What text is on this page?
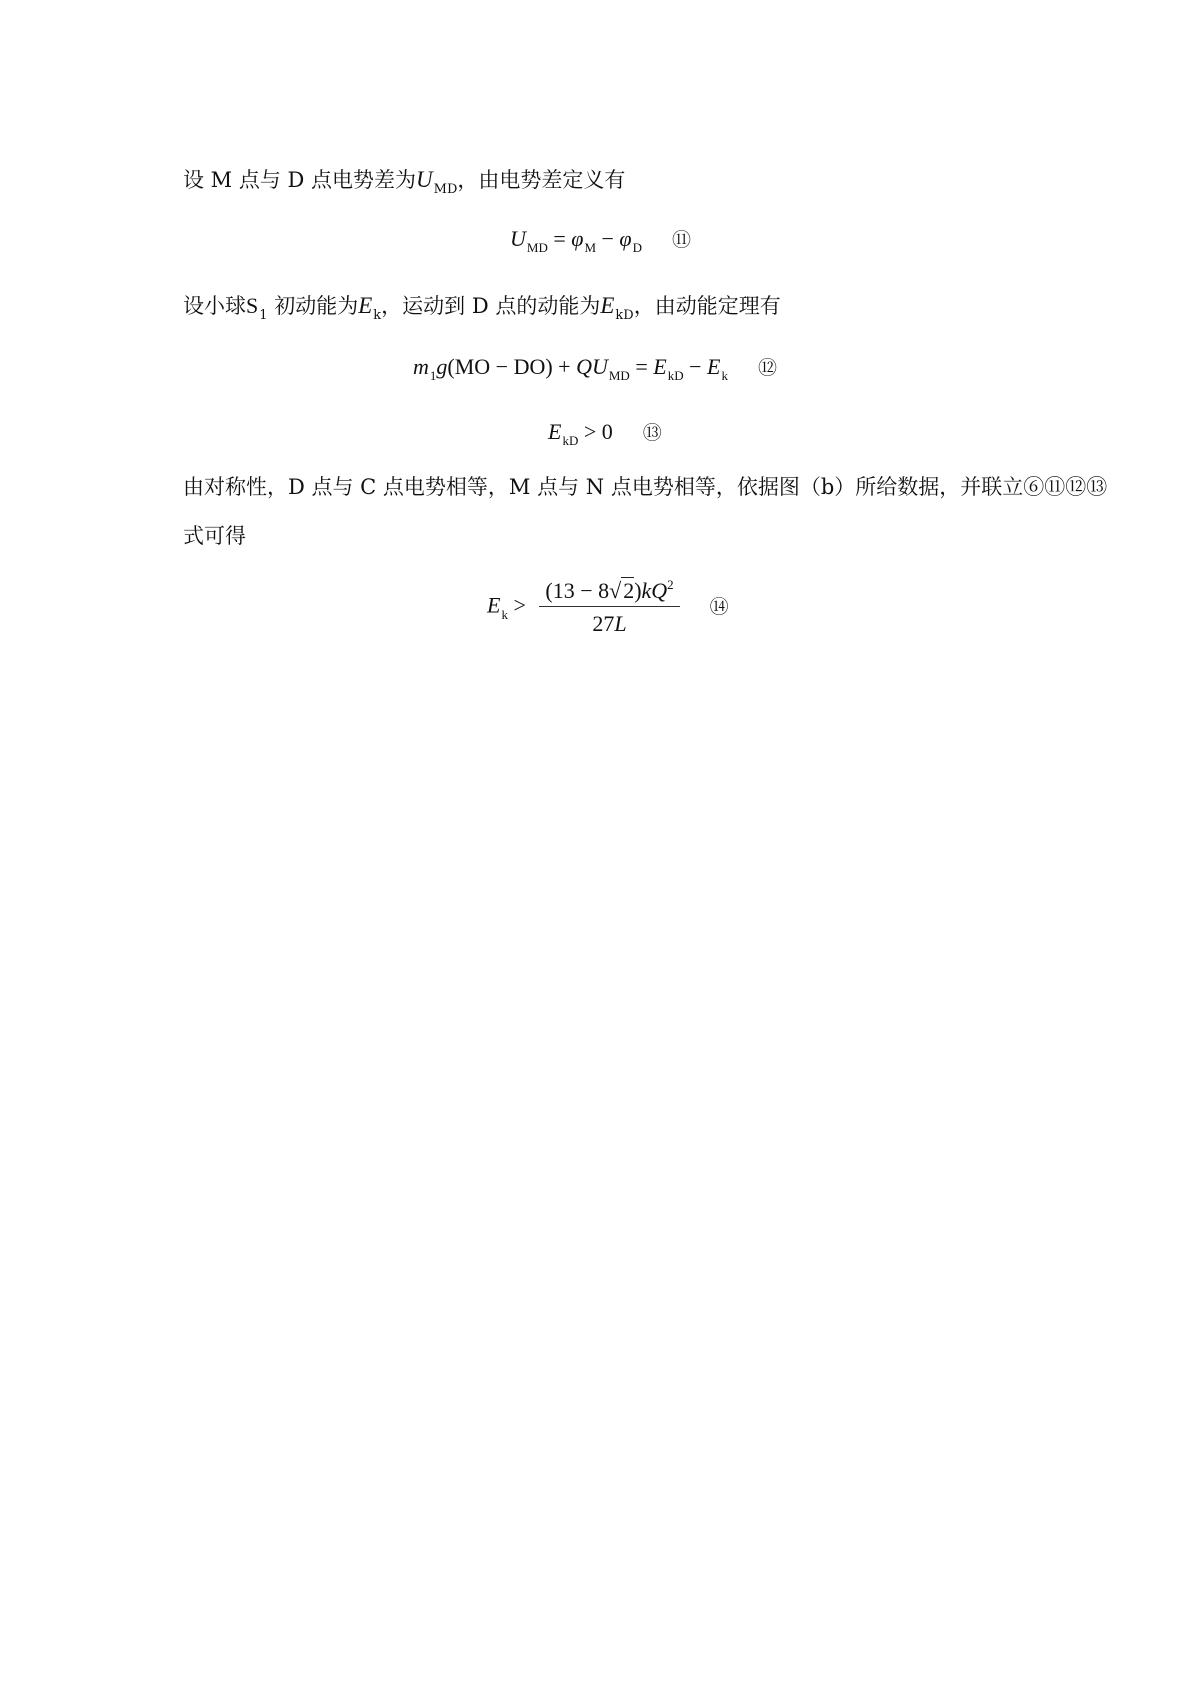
设 M 点与 D 点电势差为$U_{MD}$，由电势差定义有
$U_{MD} = \varphi_M - \varphi_D$ ⑪
设小球$S_1$ 初动能为$E_k$，运动到 D 点的动能为$E_{kD}$，由动能定理有
$m_1g(MO - DO) + QU_{MD} = E_{kD} - E_k$ ⑫
$E_{kD} > 0$ ⑬
由对称性，D 点与 C 点电势相等，M 点与 N 点电势相等，依据图（b）所给数据，并联立⑥⑪⑫⑬
式可得
$E_k > \frac{(13 - 8√2)kQ^2}{27L}$ ⑭
